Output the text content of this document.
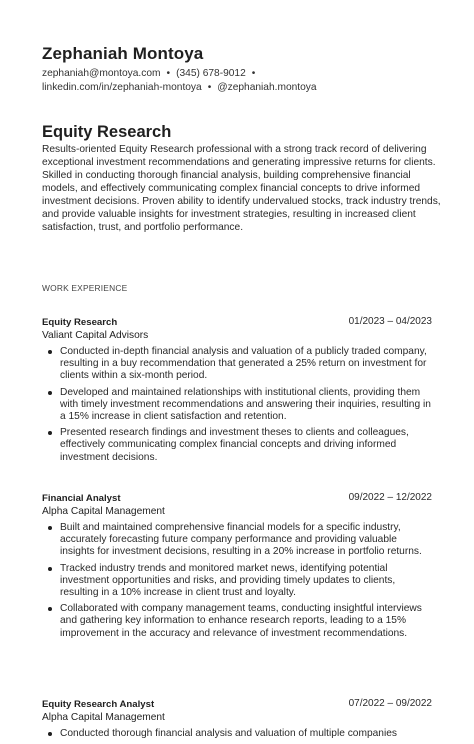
Zephaniah Montoya
zephaniah@montoya.com • (345) 678-9012 •
linkedin.com/in/zephaniah-montoya • @zephaniah.montoya
Equity Research

Results-oriented Equity Research professional with a strong track record of delivering exceptional investment recommendations and generating impressive returns for clients. Skilled in conducting thorough financial analysis, building comprehensive financial models, and effectively communicating complex financial concepts to drive informed investment decisions. Proven ability to identify undervalued stocks, track industry trends, and provide valuable insights for investment strategies, resulting in increased client satisfaction, trust, and portfolio performance.

WORK EXPERIENCE
Equity Research	01/2023 – 04/2023
Valiant Capital Advisors
Conducted in-depth financial analysis and valuation of a publicly traded company, resulting in a buy recommendation that generated a 25% return on investment for clients within a six-month period.
Developed and maintained relationships with institutional clients, providing them with timely investment recommendations and answering their inquiries, resulting in a 15% increase in client satisfaction and retention.
Presented research findings and investment theses to clients and colleagues, effectively communicating complex financial concepts and driving informed investment decisions.
Financial Analyst	09/2022 – 12/2022
Alpha Capital Management
Built and maintained comprehensive financial models for a specific industry, accurately forecasting future company performance and providing valuable insights for investment decisions, resulting in a 20% increase in portfolio returns.
Tracked industry trends and monitored market news, identifying potential investment opportunities and risks, and providing timely updates to clients, resulting in a 10% increase in client trust and loyalty.
Collaborated with company management teams, conducting insightful interviews and gathering key information to enhance research reports, leading to a 15% improvement in the accuracy and relevance of investment recommendations.
Equity Research Analyst	07/2022 – 09/2022
Alpha Capital Management
Conducted thorough financial analysis and valuation of multiple companies
